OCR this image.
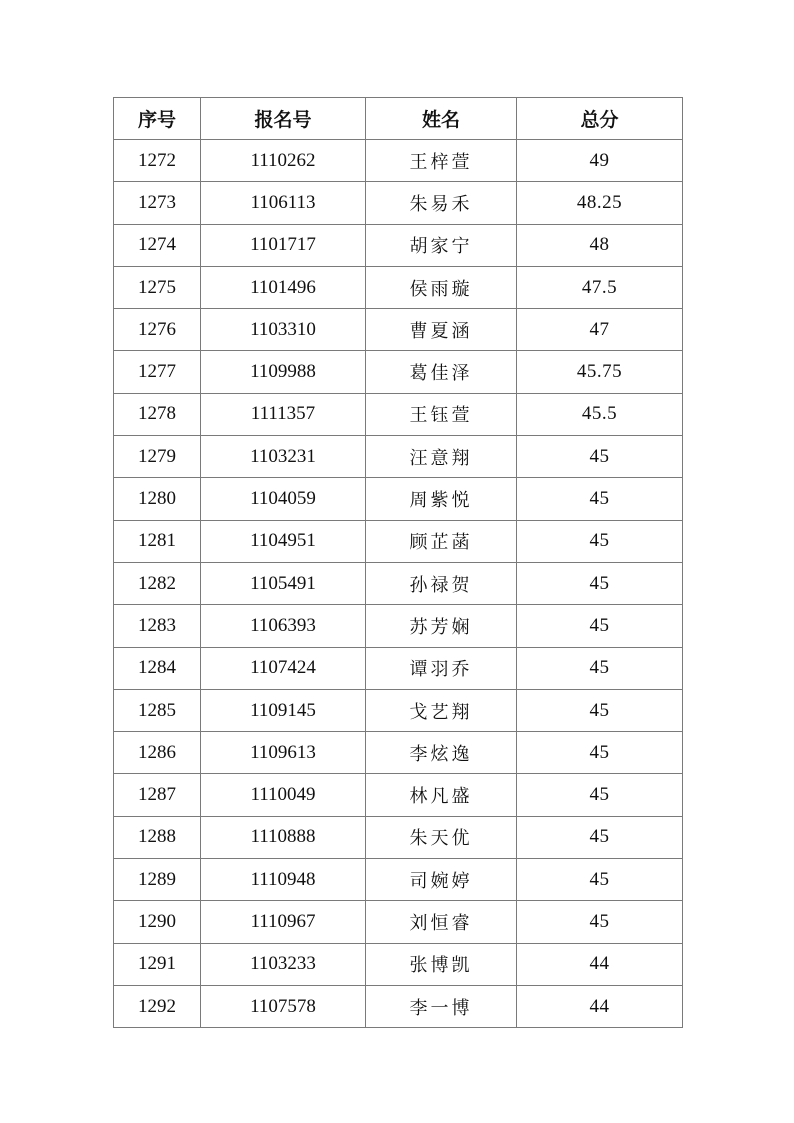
序号	报名号	姓名	总分
1272	1110262	王梓萱	49
1273	1106113	朱易禾	48.25
1274	1101717	胡家宁	48
1275	1101496	侯雨璇	47.5
1276	1103310	曹夏涵	47
1277	1109988	葛佳泽	45.75
1278	1111357	王钰萱	45.5
1279	1103231	汪意翔	45
1280	1104059	周紫悦	45
1281	1104951	顾芷菡	45
1282	1105491	孙禄贺	45
1283	1106393	苏芳娴	45
1284	1107424	谭羽乔	45
1285	1109145	戈艺翔	45
1286	1109613	李炫逸	45
1287	1110049	林凡盛	45
1288	1110888	朱天优	45
1289	1110948	司婉婷	45
1290	1110967	刘恒睿	45
1291	1103233	张博凯	44
1292	1107578	李一博	44
